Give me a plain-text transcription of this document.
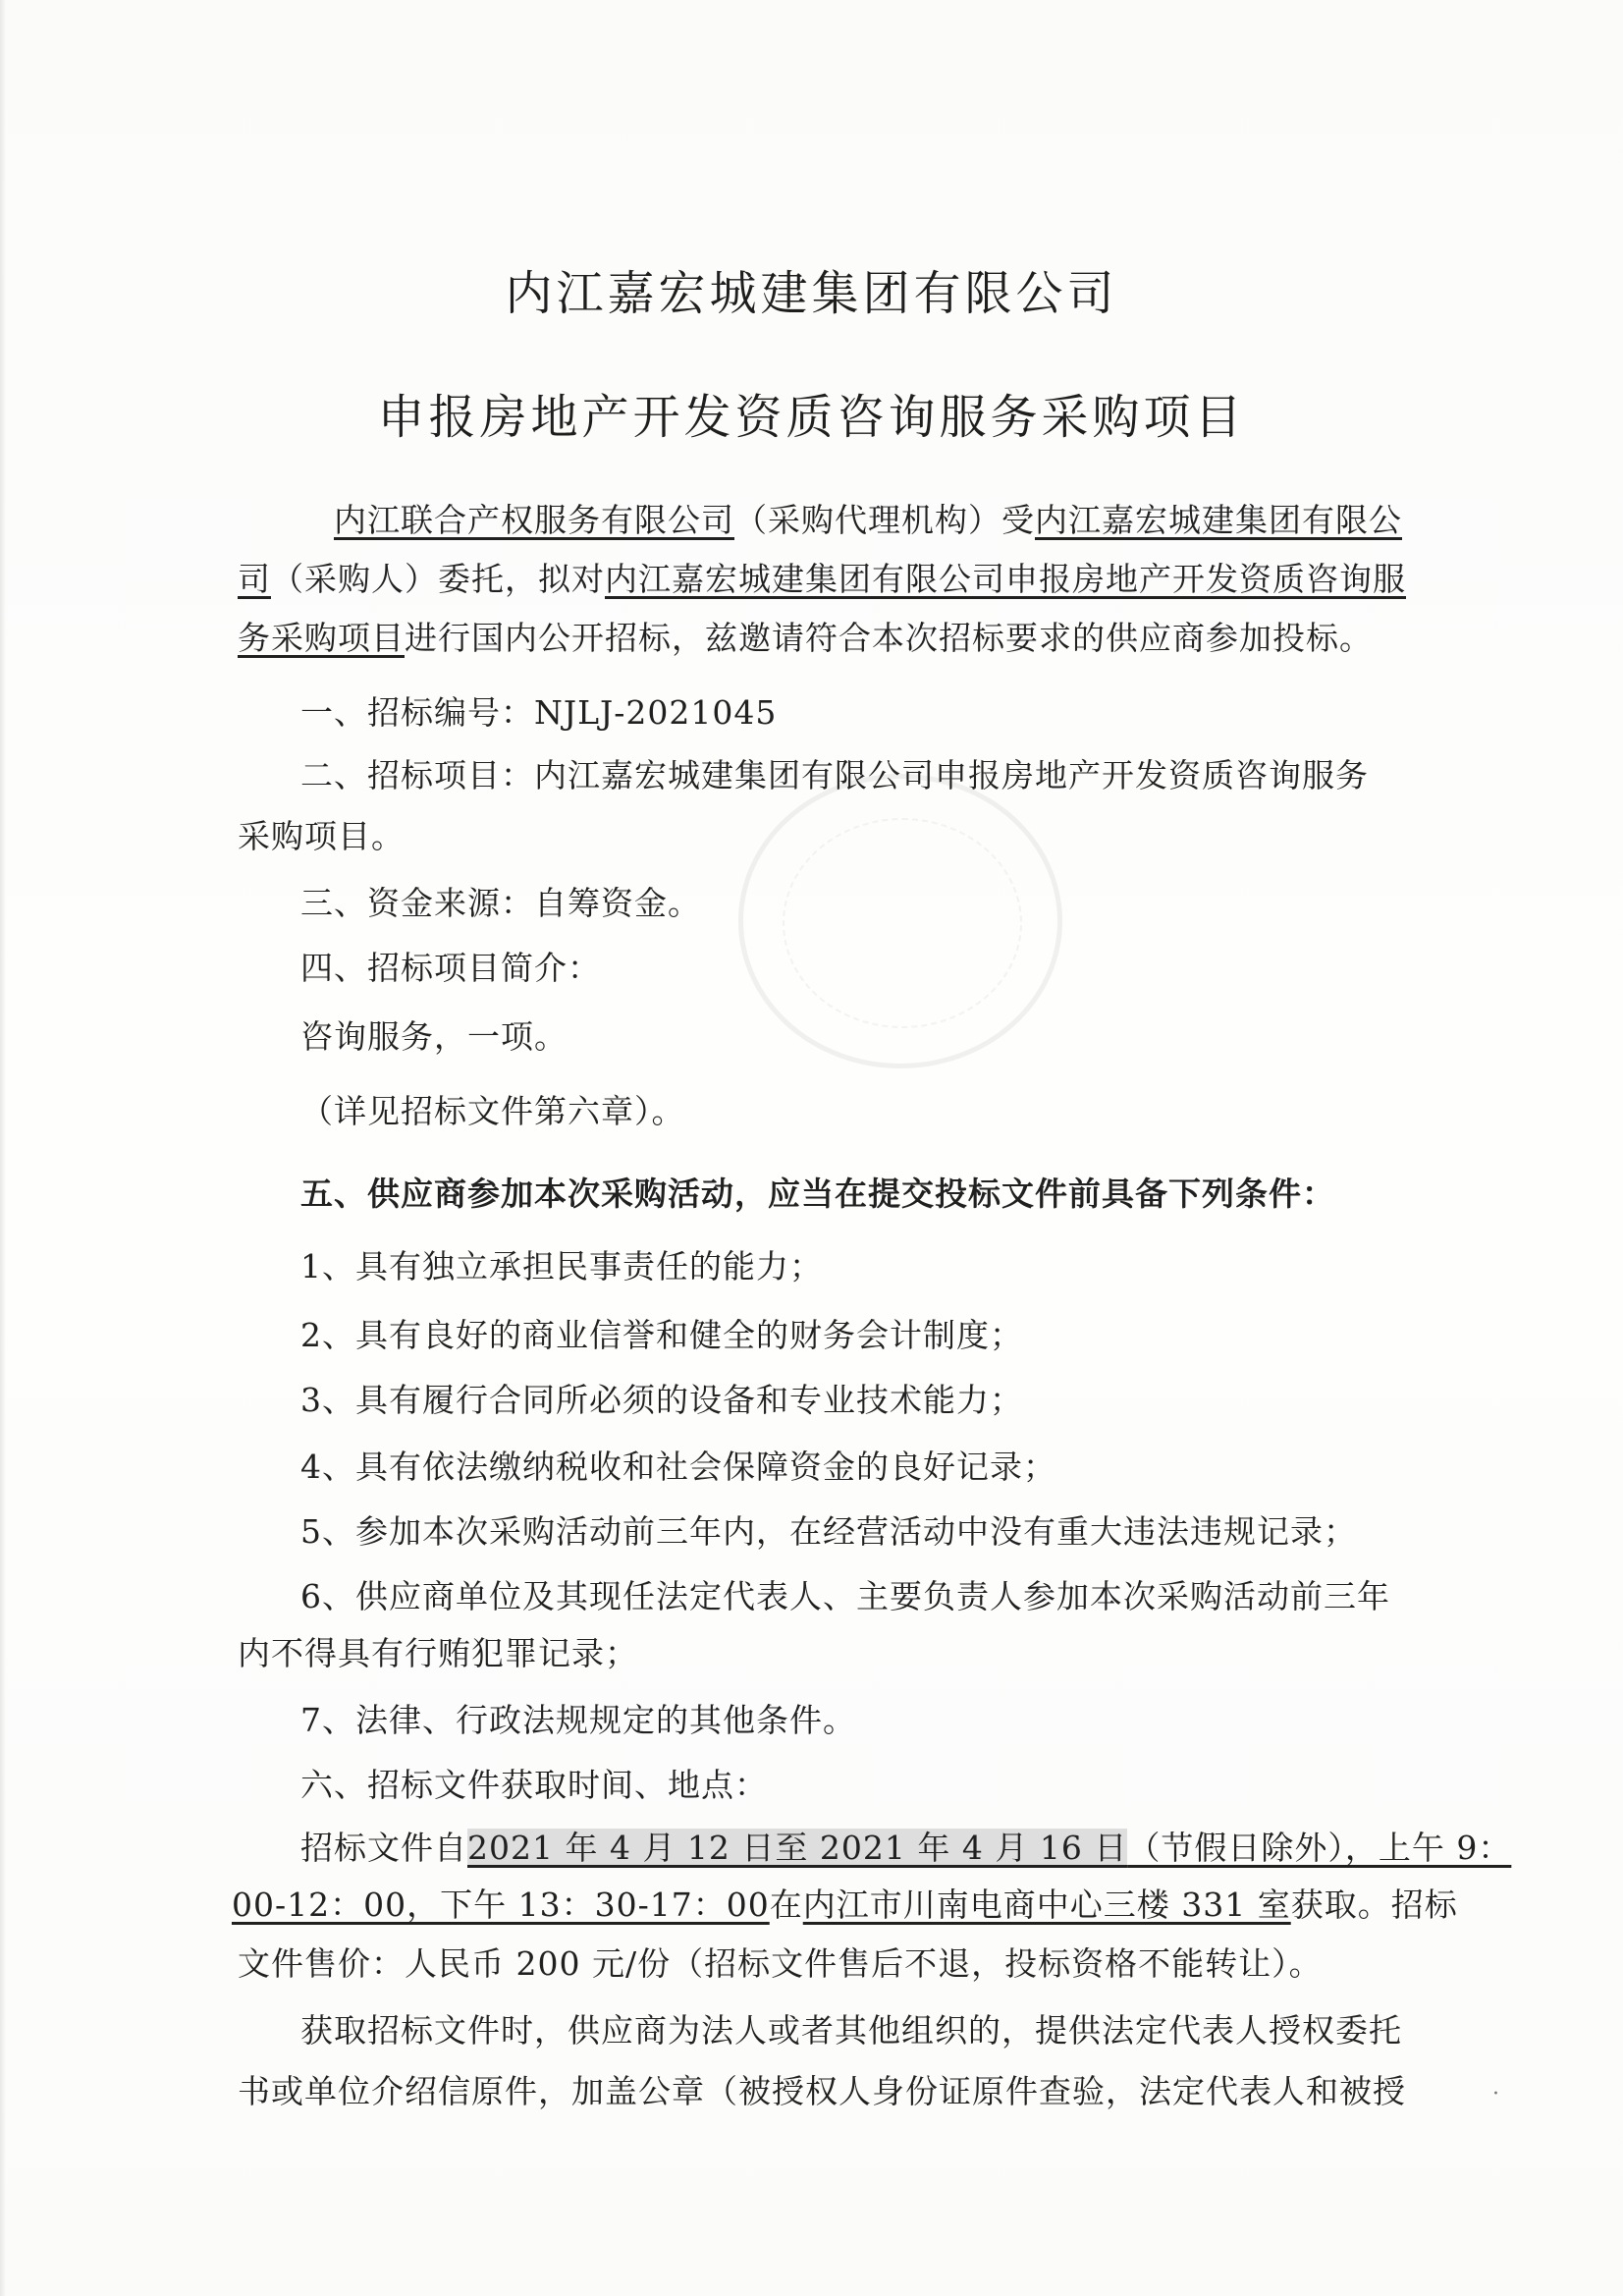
内江嘉宏城建集团有限公司
申报房地产开发资质咨询服务采购项目
内江联合产权服务有限公司（采购代理机构）受内江嘉宏城建集团有限公
司（采购人）委托，拟对内江嘉宏城建集团有限公司申报房地产开发资质咨询服
务采购项目进行国内公开招标，兹邀请符合本次招标要求的供应商参加投标。
一、招标编号：NJLJ-2021045
二、招标项目：内江嘉宏城建集团有限公司申报房地产开发资质咨询服务
采购项目。
三、资金来源：自筹资金。
四、招标项目简介：
咨询服务，一项。
（详见招标文件第六章）。
五、供应商参加本次采购活动，应当在提交投标文件前具备下列条件：
1、具有独立承担民事责任的能力；
2、具有良好的商业信誉和健全的财务会计制度；
3、具有履行合同所必须的设备和专业技术能力；
4、具有依法缴纳税收和社会保障资金的良好记录；
5、参加本次采购活动前三年内，在经营活动中没有重大违法违规记录；
6、供应商单位及其现任法定代表人、主要负责人参加本次采购活动前三年
内不得具有行贿犯罪记录；
7、法律、行政法规规定的其他条件。
六、招标文件获取时间、地点：
招标文件自2021 年 4 月 12 日至 2021 年 4 月 16 日（节假日除外），上午 9：
00-12：00，下午 13：30-17：00在内江市川南电商中心三楼 331 室获取。招标
文件售价：人民币 200 元/份（招标文件售后不退，投标资格不能转让）。
获取招标文件时，供应商为法人或者其他组织的，提供法定代表人授权委托
书或单位介绍信原件，加盖公章（被授权人身份证原件查验，法定代表人和被授	·
